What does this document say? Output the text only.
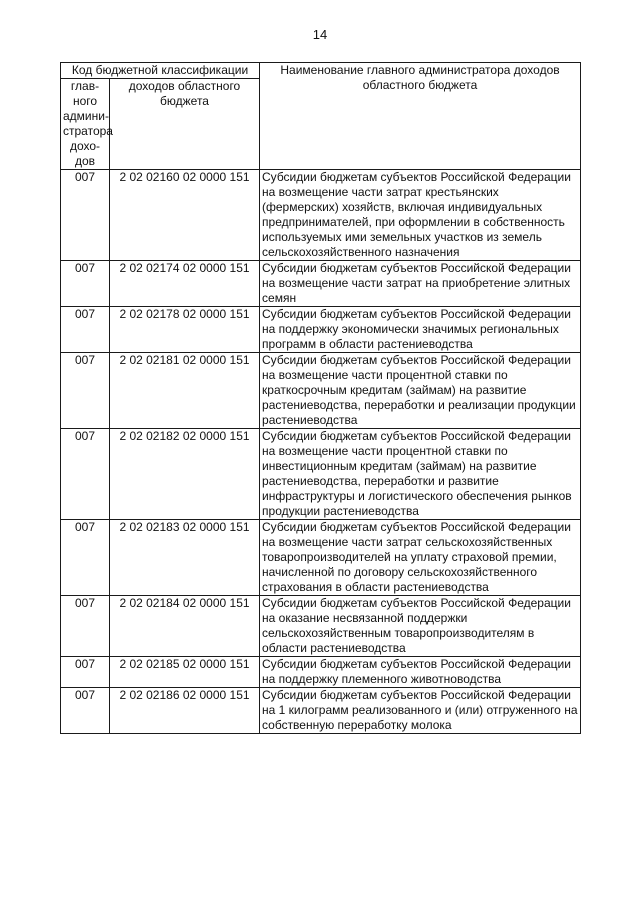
14
Код бюджетной классификации		Наименование главного администратора доходов областного бюджета
глав-ного админи-стратора дохо-дов	доходов областного бюджета	
007	2 02 02160 02 0000 151	Субсидии бюджетам субъектов Российской Федерации на возмещение части затрат крестьянских (фермерских) хозяйств, включая индивидуальных предпринимателей, при оформлении в собственность используемых ими земельных участков из земель сельскохозяйственного назначения
007	2 02 02174 02 0000 151	Субсидии бюджетам субъектов Российской Федерации на возмещение части затрат на приобретение элитных семян
007	2 02 02178 02 0000 151	Субсидии бюджетам субъектов Российской Федерации на поддержку экономически значимых региональных программ в области растениеводства
007	2 02 02181 02 0000 151	Субсидии бюджетам субъектов Российской Федерации на возмещение части процентной ставки по краткосрочным кредитам (займам) на развитие растениеводства, переработки и реализации продукции растениеводства
007	2 02 02182 02 0000 151	Субсидии бюджетам субъектов Российской Федерации на возмещение части процентной ставки по инвестиционным кредитам (займам) на развитие растениеводства, переработки и развитие инфраструктуры и логистического обеспечения рынков продукции растениеводства
007	2 02 02183 02 0000 151	Субсидии бюджетам субъектов Российской Федерации на возмещение части затрат сельскохозяйственных товаропроизводителей на уплату страховой премии, начисленной по договору сельскохозяйственного страхования в области растениеводства
007	2 02 02184 02 0000 151	Субсидии бюджетам субъектов Российской Федерации на оказание несвязанной поддержки сельскохозяйственным товаропроизводителям в области растениеводства
007	2 02 02185 02 0000 151	Субсидии бюджетам субъектов Российской Федерации на поддержку племенного животноводства
007	2 02 02186 02 0000 151	Субсидии бюджетам субъектов Российской Федерации на 1 килограмм реализованного и (или) отгруженного на собственную переработку молока
